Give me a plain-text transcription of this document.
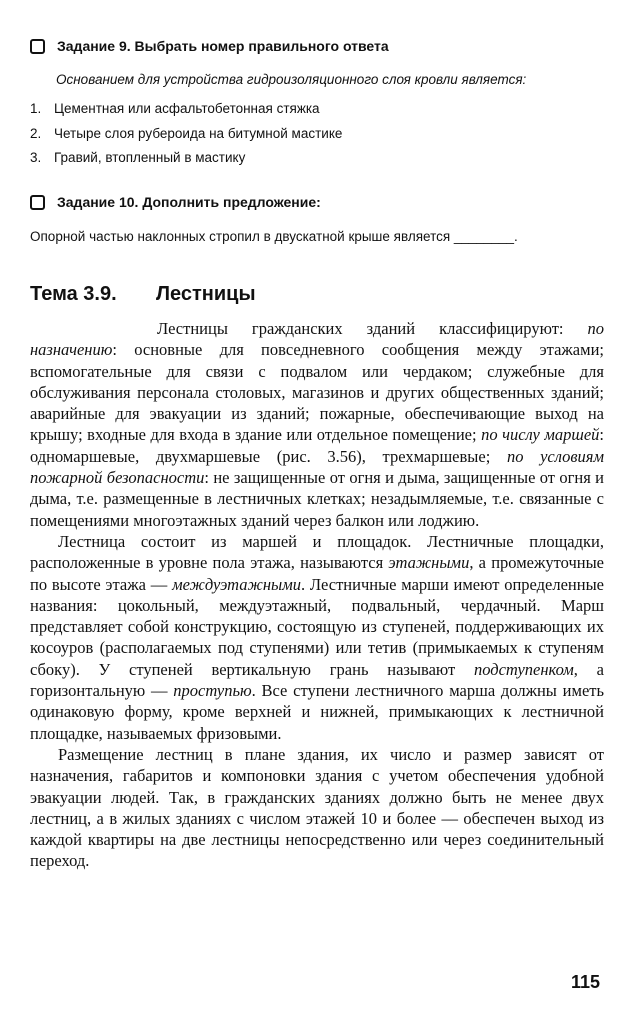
Задание 9. Выбрать номер правильного ответа
Основанием для устройства гидроизоляционного слоя кровли является:
1. Цементная или асфальтобетонная стяжка
2. Четыре слоя рубероида на битумной мастике
3. Гравий, втопленный в мастику
Задание 10. Дополнить предложение:
Опорной частью наклонных стропил в двускатной крыше является ________.
Тема 3.9. Лестницы

Лестницы гражданских зданий классифицируют: по назначению: основные для повседневного сообщения между этажами; вспомогательные для связи с подвалом или чердаком; служебные для обслуживания персонала столовых, магазинов и других общественных зданий; аварийные для эвакуации из зданий; пожарные, обеспечивающие выход на крышу; входные для входа в здание или отдельное помещение; по числу маршей: одномаршевые, двухмаршевые (рис. 3.56), трехмаршевые; по условиям пожарной безопасности: не защищенные от огня и дыма, защищенные от огня и дыма, т.е. размещенные в лестничных клетках; незадымляемые, т.е. связанные с помещениями многоэтажных зданий через балкон или лоджию.

Лестница состоит из маршей и площадок. Лестничные площадки, расположенные в уровне пола этажа, называются этажными, а промежуточные по высоте этажа — междуэтажными. Лестничные марши имеют определенные названия: цокольный, междуэтажный, подвальный, чердачный. Марш представляет собой конструкцию, состоящую из ступеней, поддерживающих их косоуров (располагаемых под ступенями) или тетив (примыкаемых к ступеням сбоку). У ступеней вертикальную грань называют подступенком, а горизонтальную — проступью. Все ступени лестничного марша должны иметь одинаковую форму, кроме верхней и нижней, примыкающих к лестничной площадке, называемых фризовыми.

Размещение лестниц в плане здания, их число и размер зависят от назначения, габаритов и компоновки здания с учетом обеспечения удобной эвакуации людей. Так, в гражданских зданиях должно быть не менее двух лестниц, а в жилых зданиях с числом этажей 10 и более — обеспечен выход из каждой квартиры на две лестницы непосредственно или через соединительный переход.

115
